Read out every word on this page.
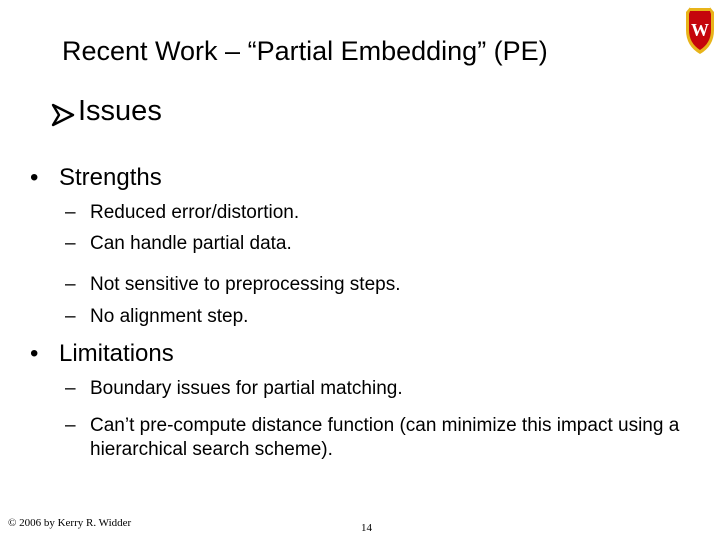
Recent Work – “Partial Embedding” (PE)
W
Issues
• Strengths
– Reduced error/distortion.
– Can handle partial data.
– Not sensitive to preprocessing steps.
– No alignment step.
• Limitations
– Boundary issues for partial matching.
– Can’t pre-compute distance function (can minimize this impact using a hierarchical search scheme).
© 2006 by Kerry R. Widder	14
